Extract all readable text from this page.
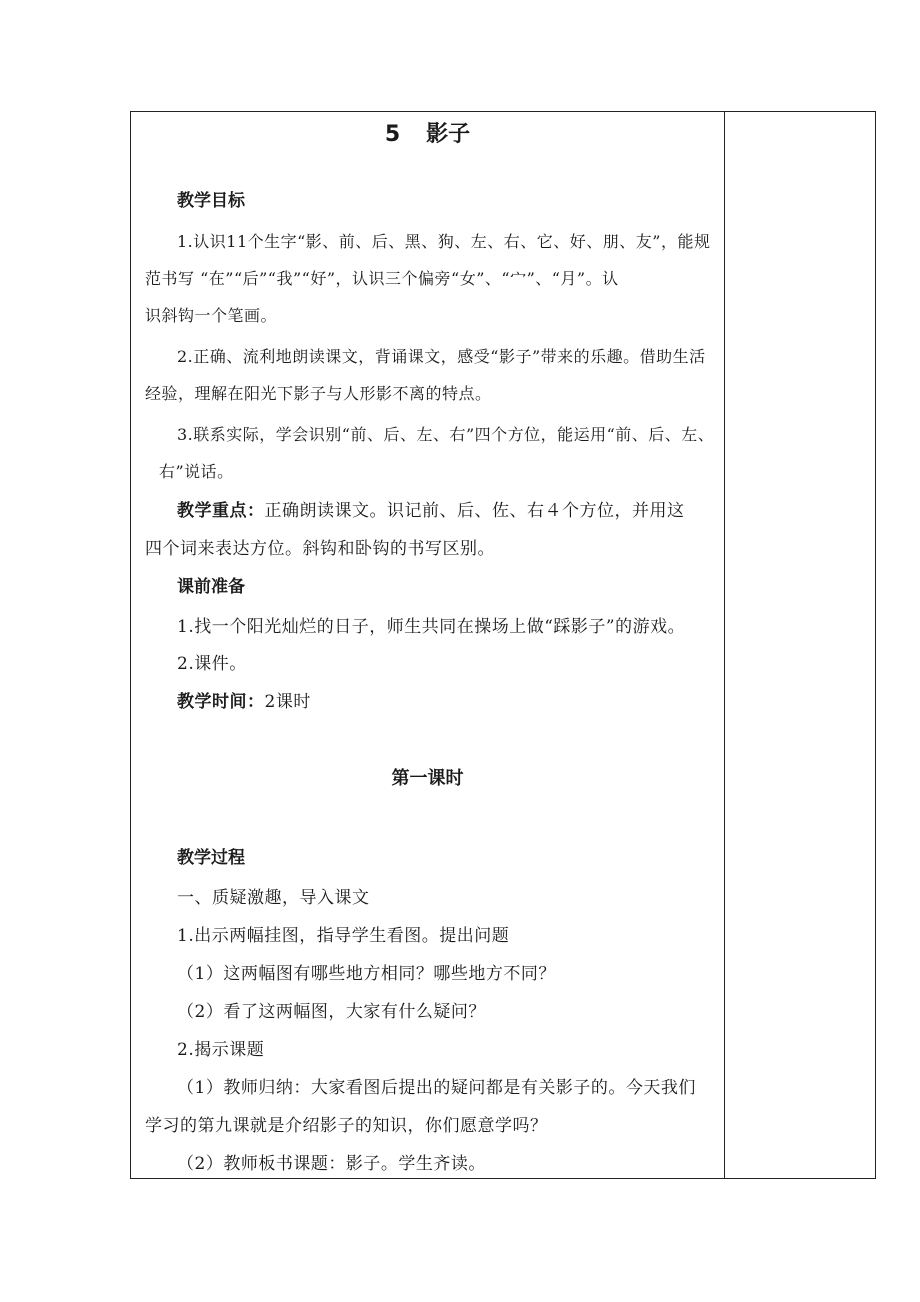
5 影子
教学目标
1.认识11个生字“影、前、后、黑、狗、左、右、它、好、朋、友”，能规
范书写 “在”“后”“我”“好”，认识三个偏旁“女”、“宀”、“月”。认
识斜钩一个笔画。
2.正确、流利地朗读课文，背诵课文，感受“影子”带来的乐趣。借助生活
经验，理解在阳光下影子与人形影不离的特点。
3.联系实际，学会识别“前、后、左、右”四个方位，能运用“前、后、左、
右”说话。
教学重点：正确朗读课文。识记前、后、佐、右４个方位，并用这
四个词来表达方位。斜钩和卧钩的书写区别。
课前准备
1.找一个阳光灿烂的日子，师生共同在操场上做“踩影子”的游戏。
2.课件。
教学时间：2课时
第一课时
教学过程
一、质疑激趣，导入课文
1.出示两幅挂图，指导学生看图。提出问题
（1）这两幅图有哪些地方相同？哪些地方不同？
（2）看了这两幅图，大家有什么疑问？
2.揭示课题
（1）教师归纳：大家看图后提出的疑问都是有关影子的。今天我们
学习的第九课就是介绍影子的知识，你们愿意学吗？
（2）教师板书课题：影子。学生齐读。
